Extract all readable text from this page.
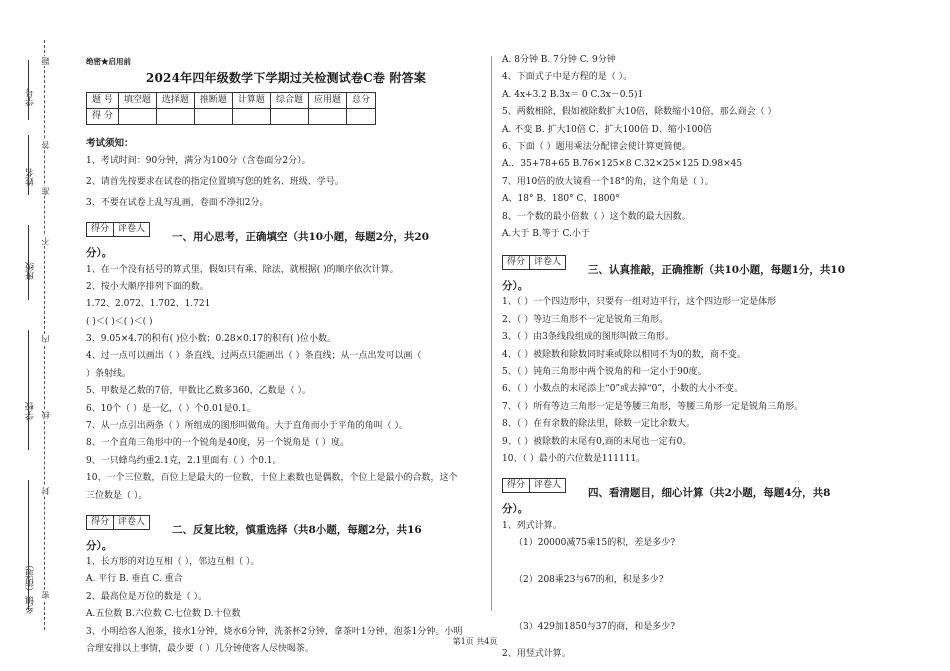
学号
姓名
班级
学校
乡镇（街道） 密
封
线
内
不
准
答
题	绝密★启用前
2024年四年级数学下学期过关检测试卷C卷 附答案
题 号	填空题	选择题	推断题	计算题	综合题	应用题	总分
得 分							
考试须知：
1、考试时间：90分钟，满分为100分（含卷面分2分）。
2、请首先按要求在试卷的指定位置填写您的姓名、班级、学号。
3、不要在试卷上乱写乱画，卷面不净扣2分。
得分	评卷人
一、用心思考，正确填空（共10小题，每题2分，共20
分）。
1、在一个没有括号的算式里，假如只有乘、除法，就根据( )的顺序依次计算。
2、按小大顺序排列下面的数。
1.72、2.072、1.702、1.721
( )＜( )＜( )＜( )
3、9.05×4.7的积有( )位小数；0.28×0.17的积有( )位小数。
4、过一点可以画出（ ）条直线，过两点只能画出（ ）条直线；从一点出发可以画（
）条射线。
5、甲数是乙数的7倍，甲数比乙数多360，乙数是（ ）。
6、10个（ ）是一亿，（ ）个0.01是0.1。
7、从一点引出两条（ ）所组成的图形叫做角。大于直角而小于平角的角叫（ ）。
8、一个直角三角形中的一个锐角是40度，另一个锐角是（ ）度。
9、一只蜂鸟约重2.1克，2.1里面有（ ）个0.1。
10、一个三位数，百位上是最大的一位数，十位上素数也是偶数，个位上是最小的合数，这个
三位数是（ ）。
得分	评卷人
二、反复比较，慎重选择（共8小题，每题2分，共16
分）。
1、长方形的对边互相（ ），邻边互相（ ）。
A. 平行 B. 垂直 C. 重合
2、最高位是万位的数是（ ）。
A.五位数 B.六位数 C.七位数 D.十位数
3、小明给客人泡茶，接水1分钟，烧水6分钟，洗茶杯2分钟，拿茶叶1分钟，泡茶1分钟。小明
合理安排以上事情，最少要（ ）几分钟使客人尽快喝茶。
A. 8分钟 B. 7分钟 C. 9分钟
4、下面式子中是方程的是（ ）。
A. 4x+3.2 B.3x＝ 0 C.3x－0.5)1
5、两数相除，假如被除数扩大10倍，除数缩小10倍，那么商会（ ）
A. 不变 B. 扩大10倍 C、扩大100倍 D、缩小100倍
6、下面（ ）题用乘法分配律会使计算更简便。
A.．35+78+65 B.76×125×8 C.32×25×125 D.98×45
7、用10倍的放大镜看一个18°的角，这个角是（ ）。
A、18° B、180° C、1800°
8、一个数的最小倍数（ ）这个数的最大因数。
A.大于 B.等于 C.小于
得分	评卷人
三、认真推敲，正确推断（共10小题，每题1分，共10
分）。
1、（ ）一个四边形中，只要有一组对边平行，这个四边形一定是体形
2、（ ）等边三角形不一定是锐角三角形。
3、（ ）由3条线段组成的图形叫做三角形。
4、（ ）被除数和除数同时乘或除以相同不为0的数，商不变。
5、（ ）钝角三角形中两个锐角的和一定小于90度。
6、（ ）小数点的末尾添上“0”或去掉“0”，小数的大小不变。
7、（ ）所有等边三角形一定是等腰三角形，等腰三角形一定是锐角三角形。
8、（ ）在有余数的除法里，除数一定比余数大。
9、（ ）被除数的末尾有0,商的末尾也一定有0。
10、（ ）最小的六位数是111111。
得分	评卷人
四、看清题目，细心计算（共2小题，每题4分，共8
分）。
1、列式计算。
（1）20000减75乘15的积，差是多少?
（2）208乘23与67的和，积是多少?
（3）429加1850与37的商，和是多少?
2、用竖式计算。
第1页 共4页
